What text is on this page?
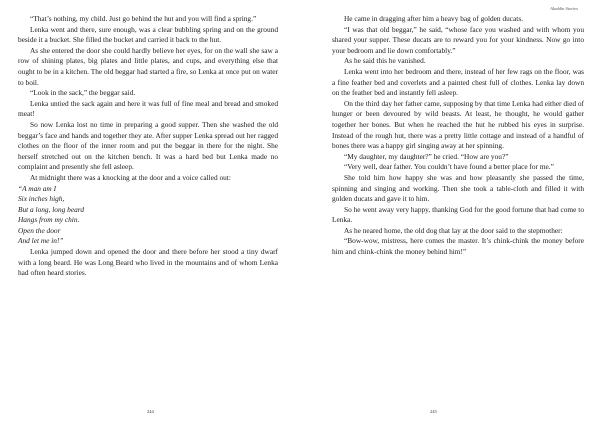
“That’s nothing, my child. Just go behind the hut and you will find a spring.”

Lenka went and there, sure enough, was a clear bubbling spring and on the ground beside it a bucket. She filled the bucket and carried it back to the hut.

As she entered the door she could hardly believe her eyes, for on the wall she saw a row of shining plates, big plates and little plates, and cups, and everything else that ought to be in a kitchen. The old beggar had started a fire, so Lenka at once put on water to boil.

“Look in the sack,” the beggar said.

Lenka untied the sack again and here it was full of fine meal and bread and smoked meat!

So now Lenka lost no time in preparing a good supper. Then she washed the old beggar’s face and hands and together they ate. After supper Lenka spread out her ragged clothes on the floor of the inner room and put the beggar in there for the night. She herself stretched out on the kitchen bench. It was a hard bed but Lenka made no complaint and presently she fell asleep.

At midnight there was a knocking at the door and a voice called out:

“A man am I
Six inches high,
But a long, long beard
Hangs from my chin.
Open the door
And let me in!”

Lenka jumped down and opened the door and there before her stood a tiny dwarf with a long beard. He was Long Beard who lived in the mountains and of whom Lenka had often heard stories.

244
Aladdin Stories

He came in dragging after him a heavy bag of golden ducats.

“I was that old beggar,” he said, “whose face you washed and with whom you shared your supper. These ducats are to reward you for your kindness. Now go into your bedroom and lie down comfortably.”

As he said this he vanished.

Lenka went into her bedroom and there, instead of her few rags on the floor, was a fine feather bed and coverlets and a painted chest full of clothes. Lenka lay down on the feather bed and instantly fell asleep.

On the third day her father came, supposing by that time Lenka had either died of hunger or been devoured by wild beasts. At least, he thought, he would gather together her bones. But when he reached the hut he rubbed his eyes in surprise. Instead of the rough hut, there was a pretty little cottage and instead of a handful of bones there was a happy girl singing away at her spinning.

“My daughter, my daughter?” he cried. “How are you?”

“Very well, dear father. You couldn’t have found a better place for me.”

She told him how happy she was and how pleasantly she passed the time, spinning and singing and working. Then she took a table-cloth and filled it with golden ducats and gave it to him.

So he went away very happy, thanking God for the good fortune that had come to Lenka.

As he neared home, the old dog that lay at the door said to the stepmother:

“Bow-wow, mistress, here comes the master. It’s chink-chink the money before him and chink-chink the money behind him!”

245
